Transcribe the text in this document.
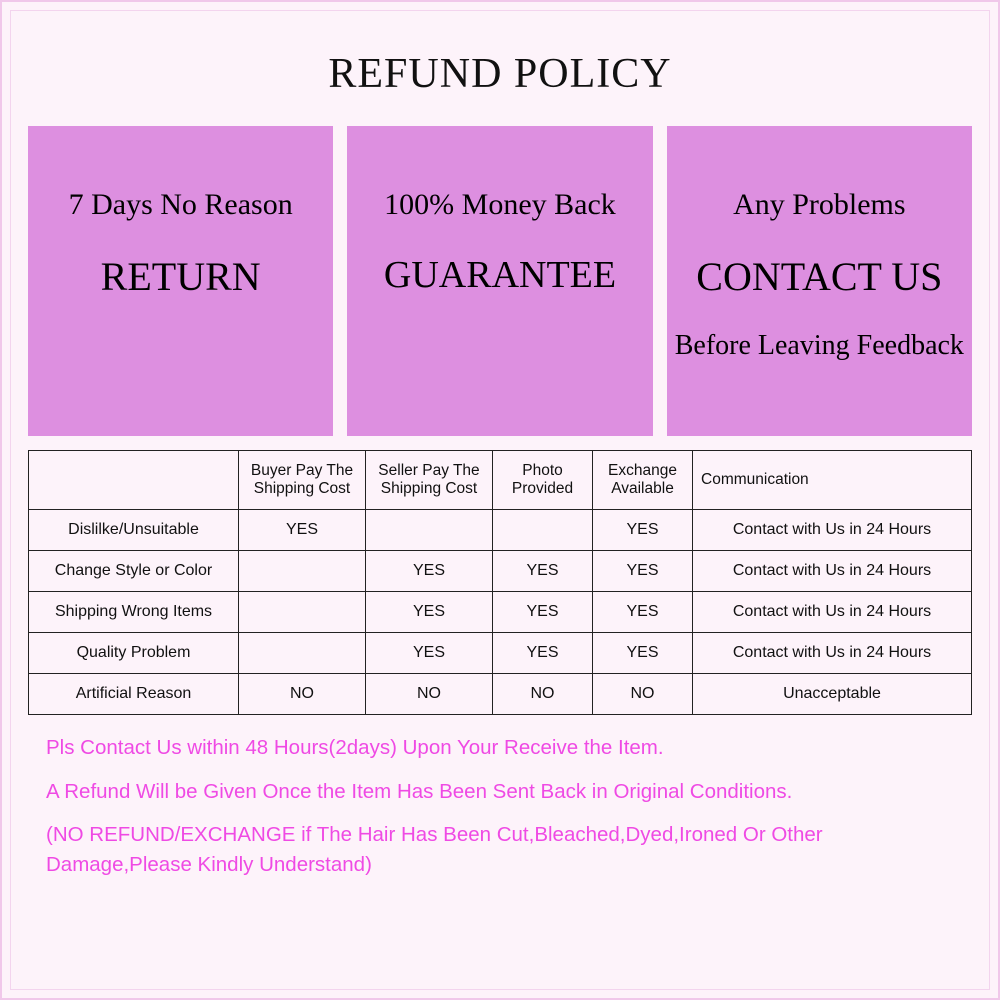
REFUND POLICY
7 Days No Reason
RETURN
100% Money Back
GUARANTEE
Any Problems
CONTACT US
Before Leaving Feedback
	Buyer Pay The Shipping Cost	Seller Pay The Shipping Cost	Photo Provided	Exchange Available	Communication
Dislilke/Unsuitable	YES			YES	Contact with Us in 24 Hours
Change Style or Color		YES	YES	YES	Contact with Us in 24 Hours
Shipping Wrong Items		YES	YES	YES	Contact with Us in 24 Hours
Quality Problem		YES	YES	YES	Contact with Us in 24 Hours
Artificial Reason	NO	NO	NO	NO	Unacceptable

Pls Contact Us within 48 Hours(2days) Upon Your Receive the Item.

A Refund Will be Given Once the Item Has Been Sent Back in Original Conditions.

(NO REFUND/EXCHANGE if The Hair Has Been Cut,Bleached,Dyed,Ironed Or Other Damage,Please Kindly Understand)
